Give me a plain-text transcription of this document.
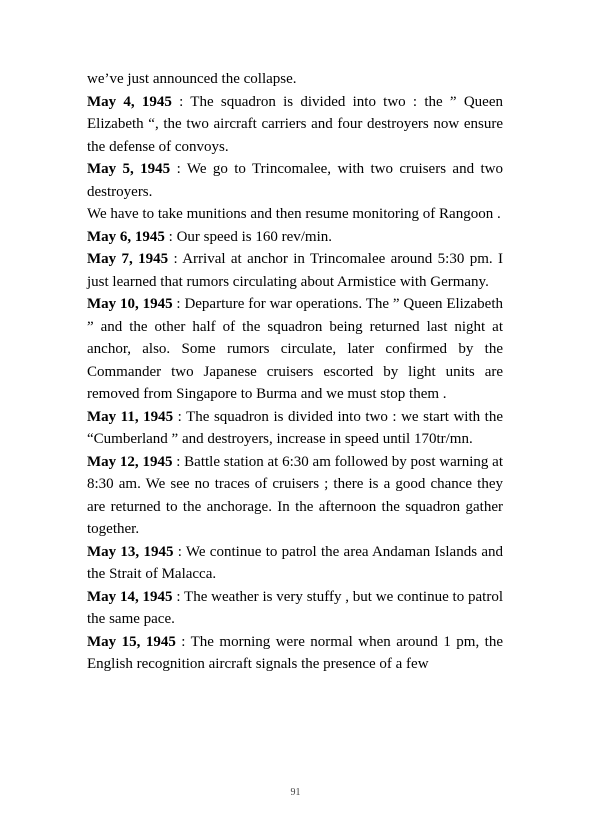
we’ve just announced the collapse.

May 4, 1945 : The squadron is divided into two : the ” Queen Elizabeth “, the two aircraft carriers and four destroyers now ensure the defense of convoys.

May 5, 1945 : We go to Trincomalee, with two cruisers and two destroyers.

We have to take munitions and then resume monitoring of Rangoon .

May 6, 1945 : Our speed is 160 rev/min.

May 7, 1945 : Arrival at anchor in Trincomalee around 5:30 pm. I just learned that rumors circulating about Armistice with Germany.

May 10, 1945 : Departure for war operations. The ” Queen Elizabeth ” and the other half of the squadron being returned last night at anchor, also. Some rumors circulate, later confirmed by the Commander two Japanese cruisers escorted by light units are removed from Singapore to Burma and we must stop them .

May 11, 1945 : The squadron is divided into two : we start with the “Cumberland ” and destroyers, increase in speed until 170tr/mn.

May 12, 1945 : Battle station at 6:30 am followed by post warning at 8:30 am. We see no traces of cruisers ; there is a good chance they are returned to the anchorage. In the afternoon the squadron gather together.

May 13, 1945 : We continue to patrol the area Andaman Islands and the Strait of Malacca.

May 14, 1945 : The weather is very stuffy , but we continue to patrol the same pace.

May 15, 1945 : The morning were normal when around 1 pm, the English recognition aircraft signals the presence of a few

91
